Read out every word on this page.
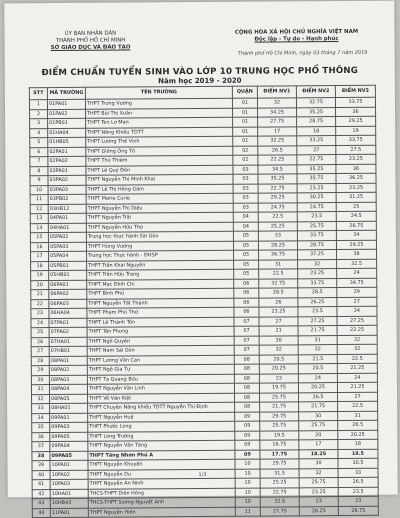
ỦY BAN NHÂN DÂN
THÀNH PHỐ HỒ CHÍ MINH
SỞ GIÁO DỤC VÀ ĐÀO TẠO
CỘNG HÒA XÃ HỘI CHỦ NGHĨA VIỆT NAM
Độc lập - Tự do - Hạnh phúc
Thành phố Hồ Chí Minh, ngày 03 tháng 7 năm 2019
ĐIỂM CHUẨN TUYỂN SINH VÀO LỚP 10 TRUNG HỌC PHỔ THÔNG
Năm học 2019 - 2020
STT	MÃ TRƯỜNG	TÊN TRƯỜNG	QUẬN	ĐIỂM NV1	ĐIỂM NV2	ĐIỂM NV3
1	01PA01	THPT Trưng Vương	01	32	32.75	33.75
2	01PA02	THPT Bùi Thị Xuân	01	34.25	35.25	36
3	01PB01	THPT Ten Lơ Man	01	27.75	28.75	29.25
4	01HA04	THPT Năng Khiếu TDTT	01	17	18	19
5	01HB05	THPT Lương Thế Vinh	01	32.25	33.25	33.75
6	02PA01	THPT Giồng Ông Tố	02	26.5	27	27.5
7	02PA02	THPT Thủ Thiêm	02	22.25	22.75	23.25
8	03PA01	THPT Lê Quý Đôn	03	34.5	35.25	36
9	03PA02	THPT Nguyễn Thị Minh Khai	03	35.25	35.75	36.25
10	03PA03	THPT Lê Thị Hồng Gấm	03	22.75	23.25	23.25
11	03PB02	THPT Marie Curie	03	29.25	30.25	31.25
12	03HB12	THPT Nguyễn Thị Diệu	03	24.75	24.75	25
13	04PA01	THPT Nguyễn Trãi	04	22.5	23.5	24.5
14	04HA01	THPT Nguyễn Hữu Thọ	04	25.25	25.75	26.75
15	05PA02	Trung học thực hành Sài Gòn	05	33	33.75	34
16	05PA03	THPT Hùng Vương	05	28.25	28.75	29.25
17	05PA04	Trung học Thực hành - ĐHSP	05	36.75	37.25	38
18	05PB01	THPT Trần Khai Nguyên	05	31	32	32.5
19	05HB01	THPT Trần Hữu Trang	05	22.5	23.25	24
20	06PA01	THPT Mạc Đĩnh Chi	06	32.75	33.75	34.75
21	06PA02	THPT Bình Phú	06	28.5	28.5	29
22	06PA03	THPT Nguyễn Tất Thành	06	26	26.25	27
23	06HA04	THPT Phạm Phú Thứ	06	23.25	23.5	24
24	07PA01	THPT Lê Thánh Tôn	07	27	27.25	27.25
25	07PA02	THPT Tân Phong	07	21	21.75	22.25
26	07HA01	THPT Ngô Quyền	07	30	31	32
27	07HB01	THPT Nam Sài Gòn	07	32	32	32
28	08PA01	THPT Lương Văn Can	08	20.5	21.5	22.5
29	08PA02	THPT Ngô Gia Tự	08	20.25	20.5	21.25
30	08PA03	THPT Tạ Quang Bửu	08	23	24	24
31	08PA04	THPT Nguyễn Văn Linh	08	19.75	20.25	21.25
32	08PA05	THPT Võ Văn Kiệt	08	25.75	26.5	27
33	08HA01	THPT Chuyên Năng khiếu TDTT Nguyễn Thị Định	08	21.75	21.75	22.5
34	09PA01	THPT Nguyễn Huệ	09	29.75	30	31
35	09PA03	THPT Phước Long	09	25.75	25.75	26.5
36	09PA05	THPT Long Trường	09	19.5	20	20.25
37	09PA04	THPT Nguyễn Văn Tăng	09	16.75	17	18
38	09PA05	THPT Tăng Nhơn Phú A	09	17.75	18.25	18.5
39	10PA01	THPT Nguyễn Khuyến	10	29.75	30	30.5
40	10PA02	THPT Nguyễn Du	10	31.5	32	33
41	10PA03	THPT Nguyễn An Ninh	10	25.25	25.75	26.5
42	10HA01	THCS-THPT Diên Hồng	10	22.75	23.25	23.5
43	10HB43	THCS-THPT Sương Nguyệt Anh	10	22.5	23	23
44	11PA01	THPT Nguyễn Hiền	11	27.75	28.25	28.75
1/3
